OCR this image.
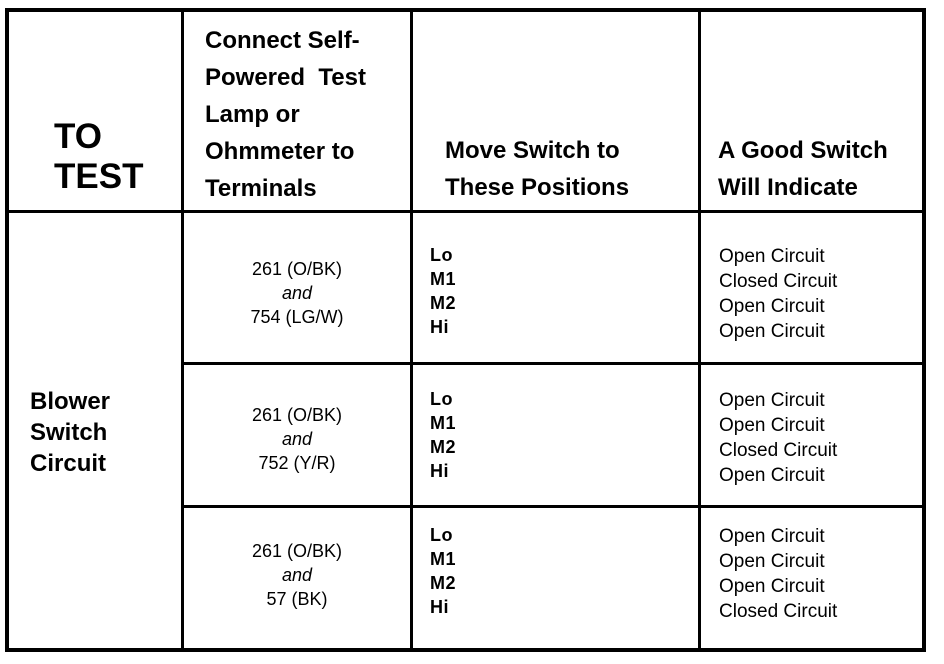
TO
TEST
Connect Self-
Powered  Test
Lamp or
Ohmmeter to
Terminals
Move Switch to
These Positions
A Good Switch
Will Indicate
Blower
Switch
Circuit
261 (O/BK)
and
754 (LG/W)
Lo
M1
M2
Hi
Open Circuit
Closed Circuit
Open Circuit
Open Circuit
261 (O/BK)
and
752 (Y/R)
Lo
M1
M2
Hi
Open Circuit
Open Circuit
Closed Circuit
Open Circuit
261 (O/BK)
and
57 (BK)
Lo
M1
M2
Hi
Open Circuit
Open Circuit
Open Circuit
Closed Circuit
